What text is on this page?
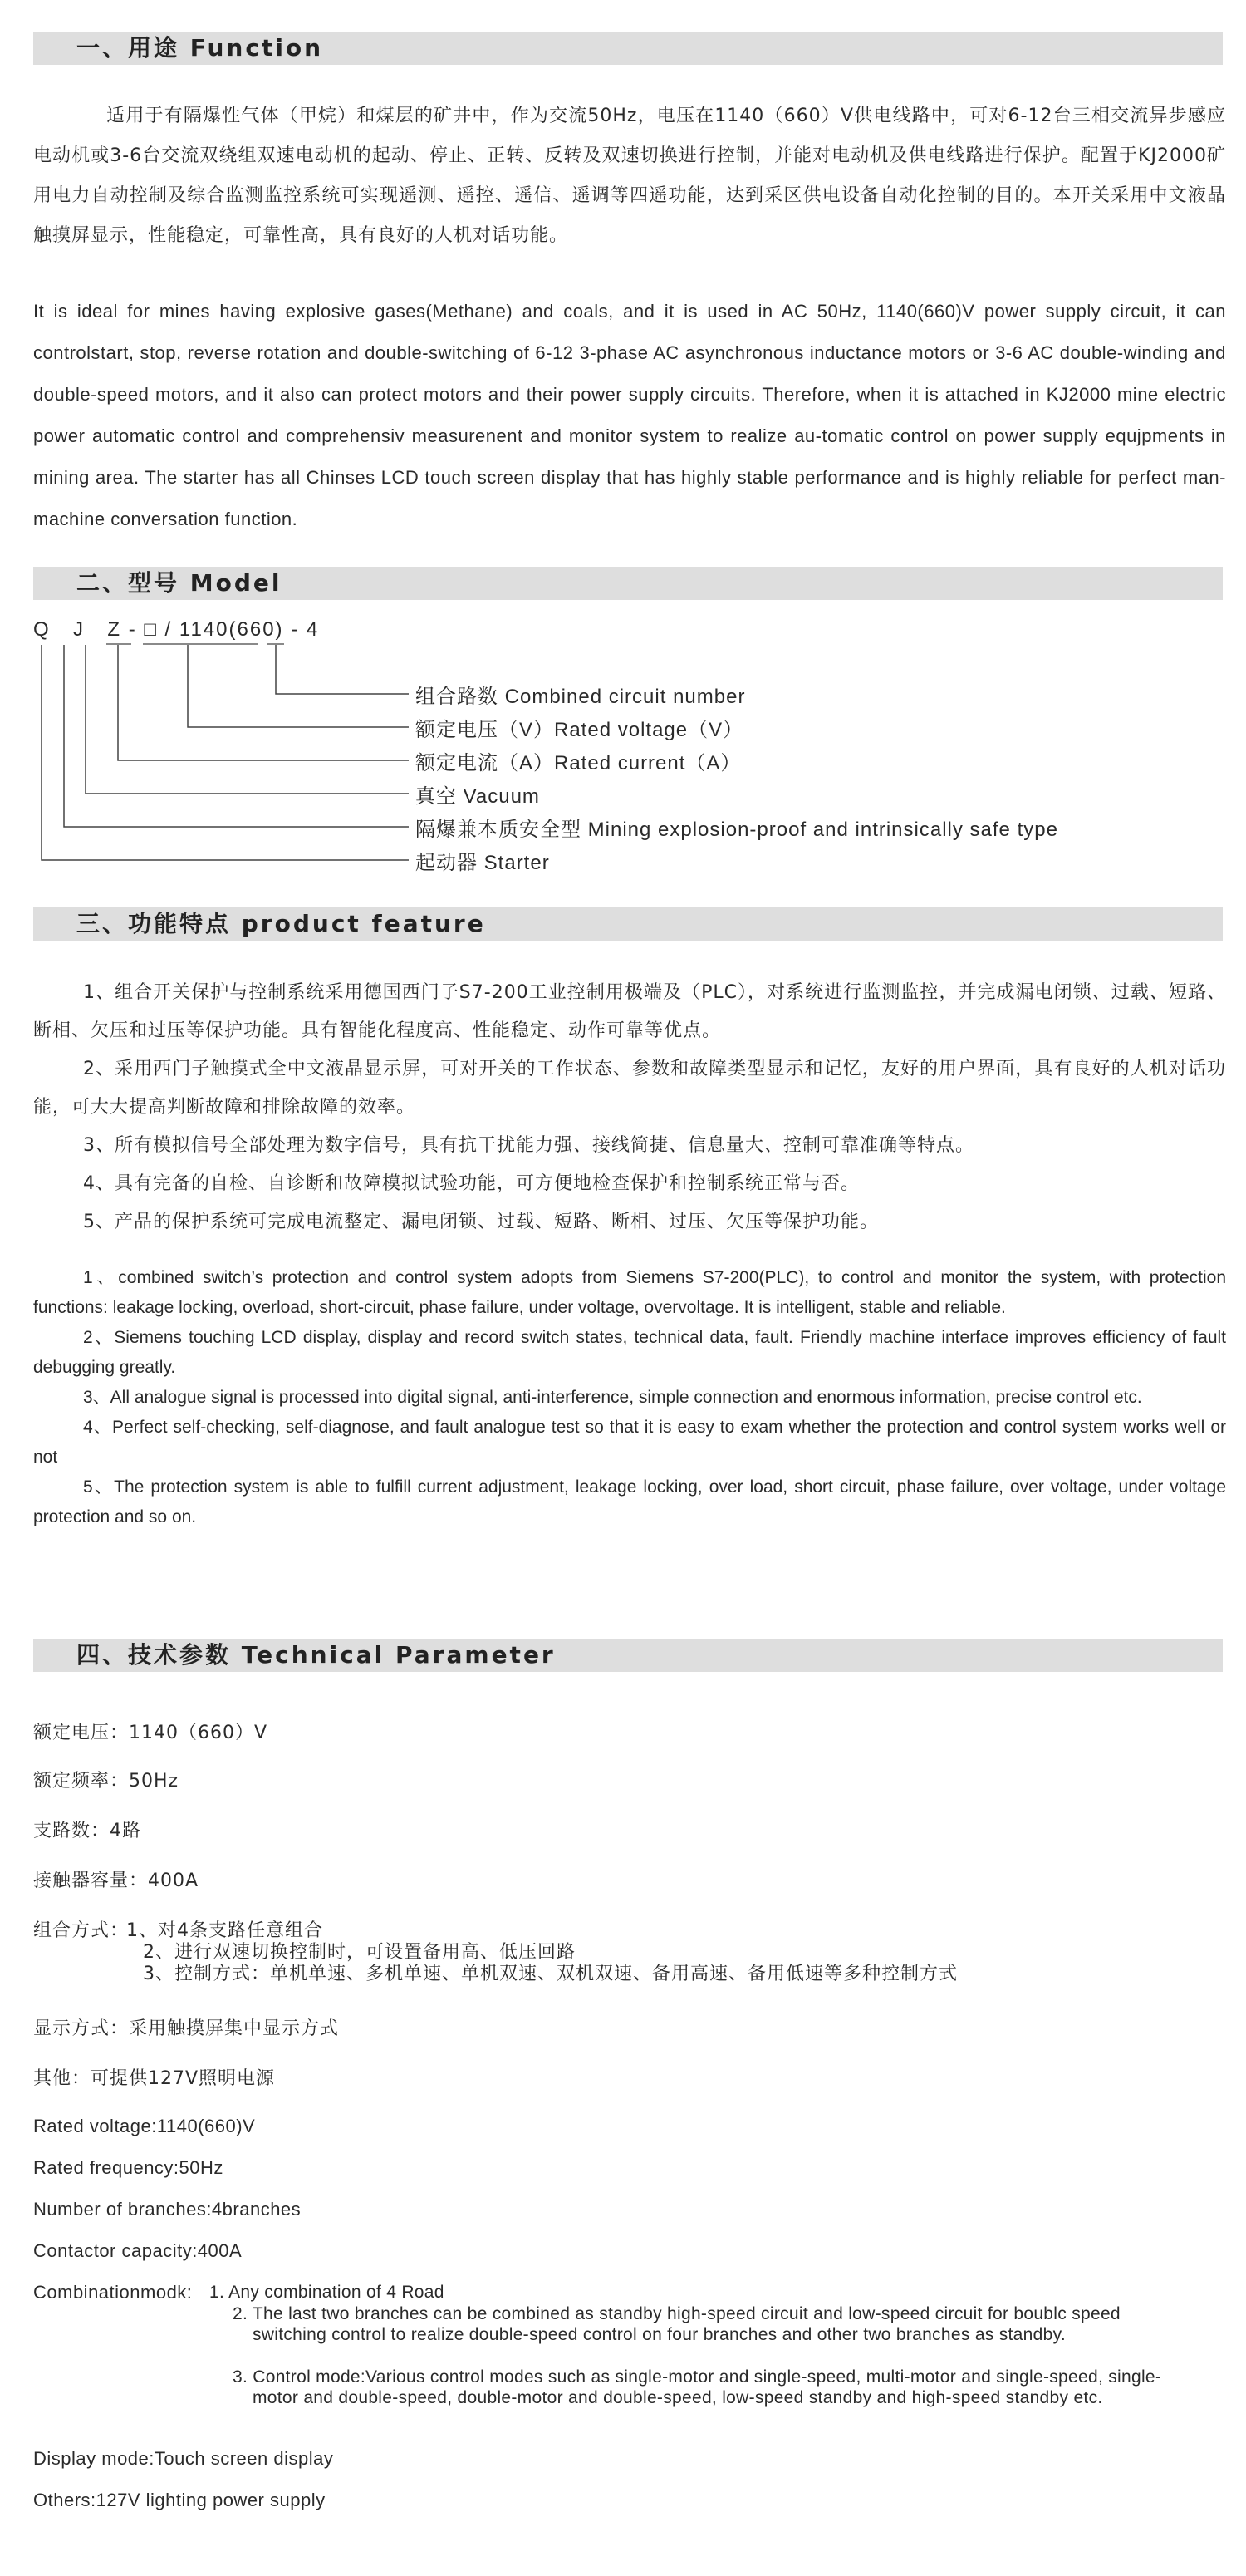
一、用途 Function
适用于有隔爆性气体（甲烷）和煤层的矿井中，作为交流50Hz，电压在1140（660）V供电线路中，可对6-12台三相交流异步感应电动机或3-6台交流双绕组双速电动机的起动、停止、正转、反转及双速切换进行控制，并能对电动机及供电线路进行保护。配置于KJ2000矿用电力自动控制及综合监测监控系统可实现遥测、遥控、遥信、遥调等四遥功能，达到采区供电设备自动化控制的目的。本开关采用中文液晶触摸屏显示，性能稳定，可靠性高，具有良好的人机对话功能。
It is ideal for mines having explosive gases(Methane) and coals, and it is used in AC 50Hz, 1140(660)V power supply circuit, it can controlstart, stop, reverse rotation and double-switching of 6-12 3-phase AC asynchronous inductance motors or 3-6 AC double-winding and double-speed motors, and it also can protect motors and their power supply circuits. Therefore, when it is attached in KJ2000 mine electric power automatic control and comprehensiv measurenent and monitor system to realize au-tomatic control on power supply equjpments in mining area. The starter has all Chinses LCD touch screen display that has highly stable performance and is highly reliable for perfect man-machine conversation function.
二、型号 Model
Q J Z - □ / 1140(660) - 4
组合路数 Combined circuit number
额定电压（V）Rated voltage（V）
额定电流（A）Rated current（A）
真空 Vacuum
隔爆兼本质安全型 Mining explosion-proof and intrinsically safe type
起动器 Starter
三、功能特点 product feature

1、组合开关保护与控制系统采用德国西门子S7-200工业控制用极端及（PLC），对系统进行监测监控，并完成漏电闭锁、过载、短路、断相、欠压和过压等保护功能。具有智能化程度高、性能稳定、动作可靠等优点。

2、采用西门子触摸式全中文液晶显示屏，可对开关的工作状态、参数和故障类型显示和记忆，友好的用户界面，具有良好的人机对话功能，可大大提高判断故障和排除故障的效率。

3、所有模拟信号全部处理为数字信号，具有抗干扰能力强、接线简捷、信息量大、控制可靠准确等特点。

4、具有完备的自检、自诊断和故障模拟试验功能，可方便地检查保护和控制系统正常与否。

5、产品的保护系统可完成电流整定、漏电闭锁、过载、短路、断相、过压、欠压等保护功能。

1、combined switch’s protection and control system adopts from Siemens S7-200(PLC), to control and monitor the system, with protection functions: leakage locking, overload, short-circuit, phase failure, under voltage, overvoltage. It is intelligent, stable and reliable.

2、Siemens touching LCD display, display and record switch states, technical data, fault. Friendly machine interface improves efficiency of fault debugging greatly.

3、All analogue signal is processed into digital signal, anti-interference, simple connection and enormous information, precise control etc.

4、Perfect self-checking, self-diagnose, and fault analogue test so that it is easy to exam whether the protection and control system works well or not

5、The protection system is able to fulfill current adjustment, leakage locking, over load, short circuit, phase failure, over voltage, under voltage protection and so on.

四、技术参数 Technical Parameter
额定电压：1140（660）V
额定频率：50Hz
支路数：4路
接触器容量：400A
组合方式：
1、对4条支路任意组合
2、进行双速切换控制时，可设置备用高、低压回路
3、控制方式：单机单速、多机单速、单机双速、双机双速、备用高速、备用低速等多种控制方式
显示方式：采用触摸屏集中显示方式
其他：可提供127V照明电源
Rated voltage:1140(660)V
Rated frequency:50Hz
Number of branches:4branches
Contactor capacity:400A
Combinationmodk: 1. Any combination of 4 Road
2. The last two branches can be combined as standby high-speed circuit and low-speed circuit for boublc speed switching control to realize double-speed control on four branches and other two branches as standby.
3. Control mode:Various control modes such as single-motor and single-speed, multi-motor and single-speed, single-motor and double-speed, double-motor and double-speed, low-speed standby and high-speed standby etc.
Display mode:Touch screen display
Others:127V lighting power supply
